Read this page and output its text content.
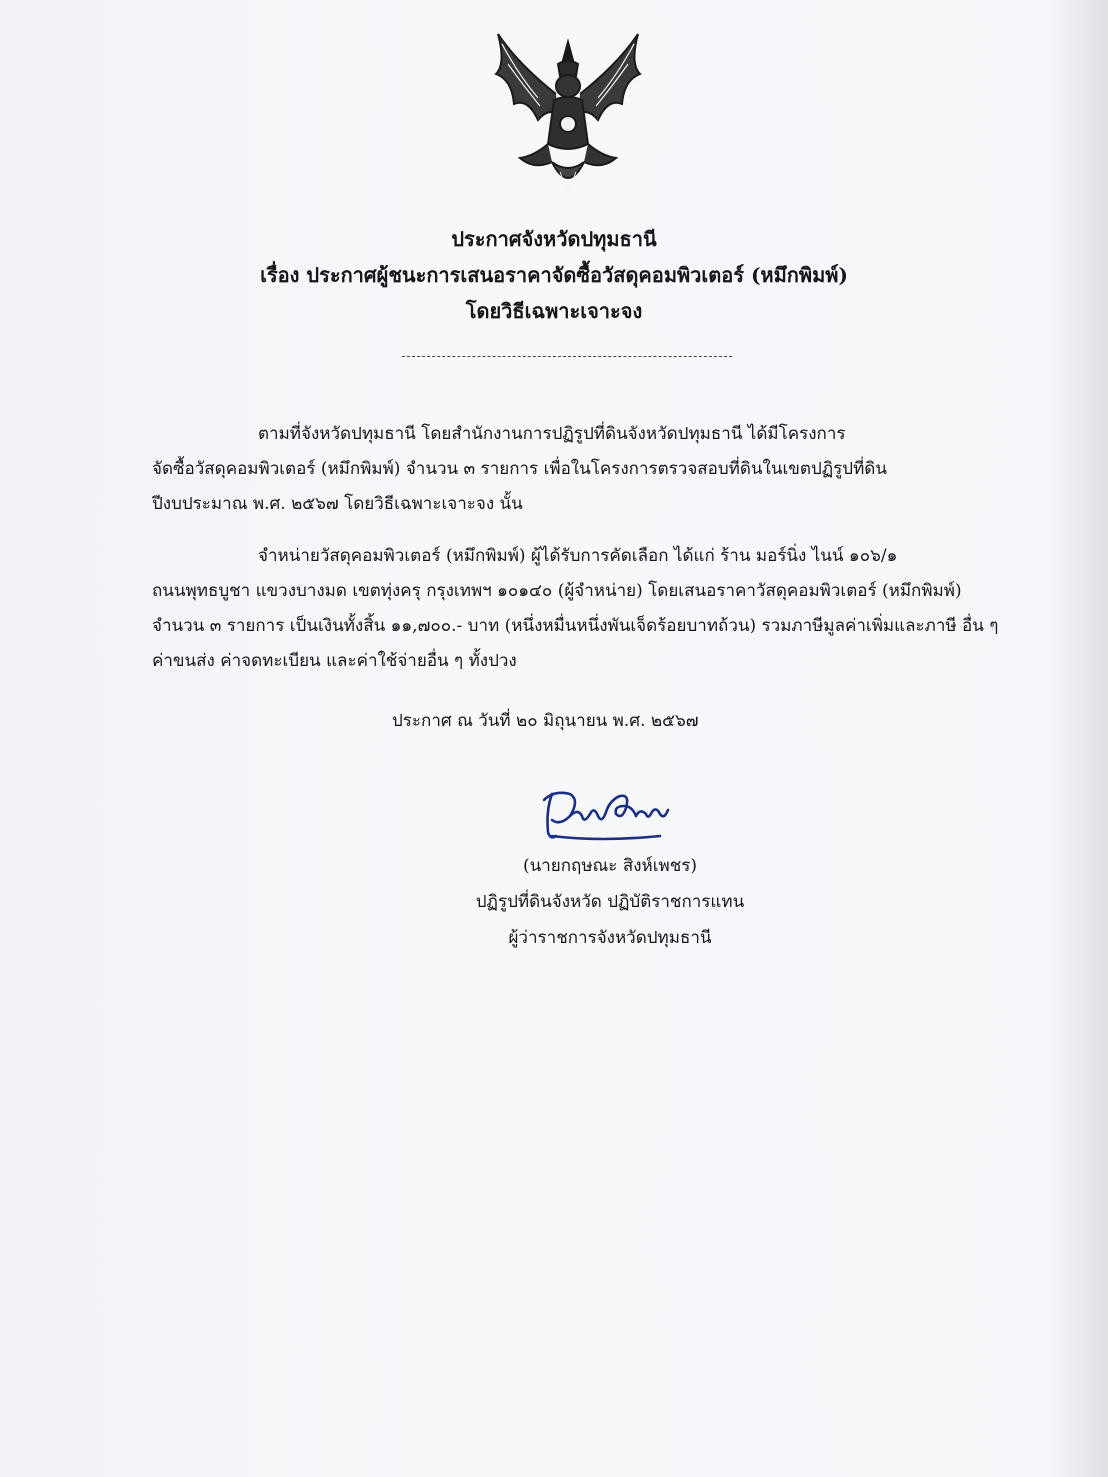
ประกาศจังหวัดปทุมธานี
เรื่อง ประกาศผู้ชนะการเสนอราคาจัดซื้อวัสดุคอมพิวเตอร์ (หมึกพิมพ์)
โดยวิธีเฉพาะเจาะจง
ตามที่จังหวัดปทุมธานี โดยสำนักงานการปฏิรูปที่ดินจังหวัดปทุมธานี ได้มีโครงการ
จัดซื้อวัสดุคอมพิวเตอร์ (หมึกพิมพ์) จำนวน ๓ รายการ เพื่อในโครงการตรวจสอบที่ดินในเขตปฏิรูปที่ดิน
ปีงบประมาณ พ.ศ. ๒๕๖๗ โดยวิธีเฉพาะเจาะจง นั้น
จำหน่ายวัสดุคอมพิวเตอร์ (หมึกพิมพ์) ผู้ได้รับการคัดเลือก ได้แก่ ร้าน มอร์นิ่ง ไนน์ ๑๐๖/๑
ถนนพุทธบูชา แขวงบางมด เขตทุ่งครุ กรุงเทพฯ ๑๐๑๔๐ (ผู้จำหน่าย) โดยเสนอราคาวัสดุคอมพิวเตอร์ (หมึกพิมพ์)
จำนวน ๓ รายการ เป็นเงินทั้งสิ้น ๑๑,๗๐๐.- บาท (หนึ่งหมื่นหนึ่งพันเจ็ดร้อยบาทถ้วน) รวมภาษีมูลค่าเพิ่มและภาษี อื่น ๆ
ค่าขนส่ง ค่าจดทะเบียน และค่าใช้จ่ายอื่น ๆ ทั้งปวง
ประกาศ ณ วันที่ ๒๐ มิถุนายน พ.ศ. ๒๕๖๗
(นายกฤษณะ สิงห์เพชร)
ปฏิรูปที่ดินจังหวัด ปฏิบัติราชการแทน
ผู้ว่าราชการจังหวัดปทุมธานี
